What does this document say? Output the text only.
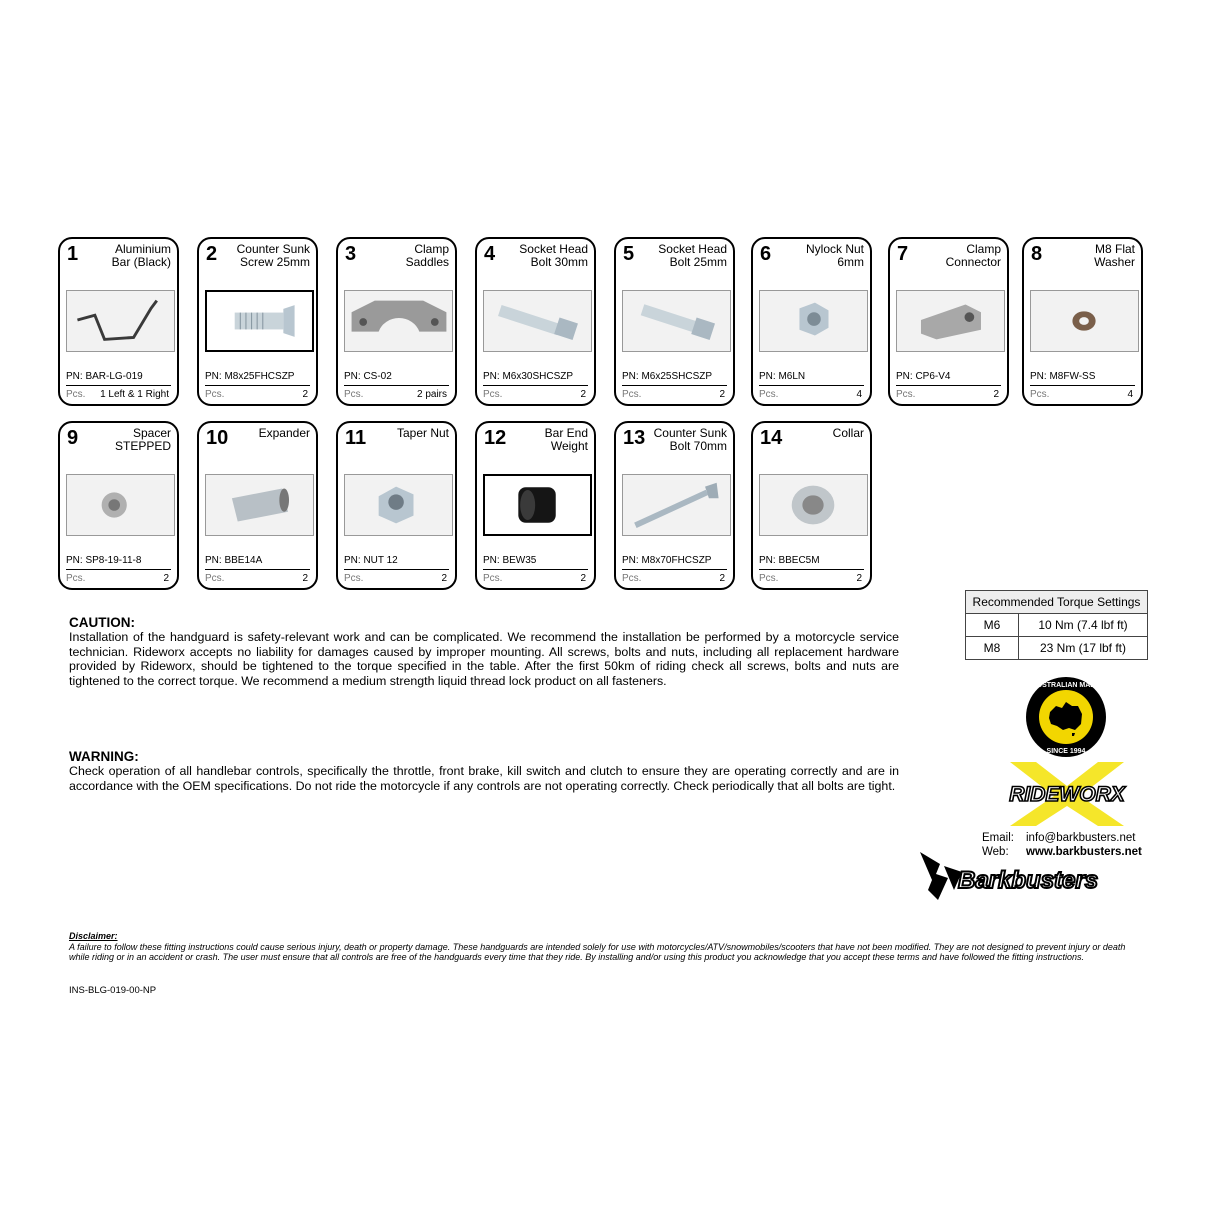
1	Aluminium
Bar (Black)
PN: BAR-LG-019
Pcs. 1 Left & 1 Right
2	Counter Sunk
Screw 25mm
PN: M8x25FHCSZP
Pcs.	2
3	Clamp
Saddles
PN: CS-02
Pcs.	2 pairs
4	Socket Head
Bolt 30mm
PN: M6x30SHCSZP
Pcs.	2
5	Socket Head
Bolt 25mm
PN: M6x25SHCSZP
Pcs.	2
6	Nylock Nut
6mm
PN: M6LN
Pcs.	4
7	Clamp
Connector
PN: CP6-V4
Pcs.	2
8	M8 Flat
Washer
PN: M8FW-SS
Pcs.	4
9	Spacer
STEPPED
PN: SP8-19-11-8
Pcs.	2
10	Expander
PN: BBE14A
Pcs.	2
11	Taper Nut
PN: NUT 12
Pcs.	2
12	Bar End
Weight
PN: BEW35
Pcs.	2
13 Counter Sunk
Bolt 70mm
PN: M8x70FHCSZP
Pcs.	2
14	Collar
PN: BBEC5M
Pcs.	2
CAUTION:
Installation of the handguard is safety-relevant work and can be complicated. We recommend the installation be performed by a motorcycle service technician. Rideworx accepts no liability for damages caused by improper mounting. All screws, bolts and nuts, including all replacement hardware provided by Rideworx, should be tightened to the torque specified in the table. After the first 50km of riding check all screws, bolts and nuts are tightened to the correct torque. We recommend a medium strength liquid thread lock product on all fasteners.
WARNING:
Check operation of all handlebar controls, specifically the throttle, front brake, kill switch and clutch to ensure they are operating correctly and are in accordance with the OEM specifications. Do not ride the motorcycle if any controls are not operating correctly. Check periodically that all bolts are tight.
Recommended Torque Settings	
M6	10 Nm (7.4 lbf ft)
M8	23 Nm (17 lbf ft)
AUSTRALIAN MADE
SINCE 1994
RIDEWORX
Email: info@barkbusters.net
Web: www.barkbusters.net
Barkbusters
Disclaimer:
A failure to follow these fitting instructions could cause serious injury, death or property damage. These handguards are intended solely for use with motorcycles/ATV/snowmobiles/scooters that have not been modified. They are not designed to prevent injury or death while riding or in an accident or crash. The user must ensure that all controls are free of the handguards every time that they ride. By installing and/or using this product you acknowledge that you accept these terms and have followed the fitting instructions.
INS-BLG-019-00-NP
